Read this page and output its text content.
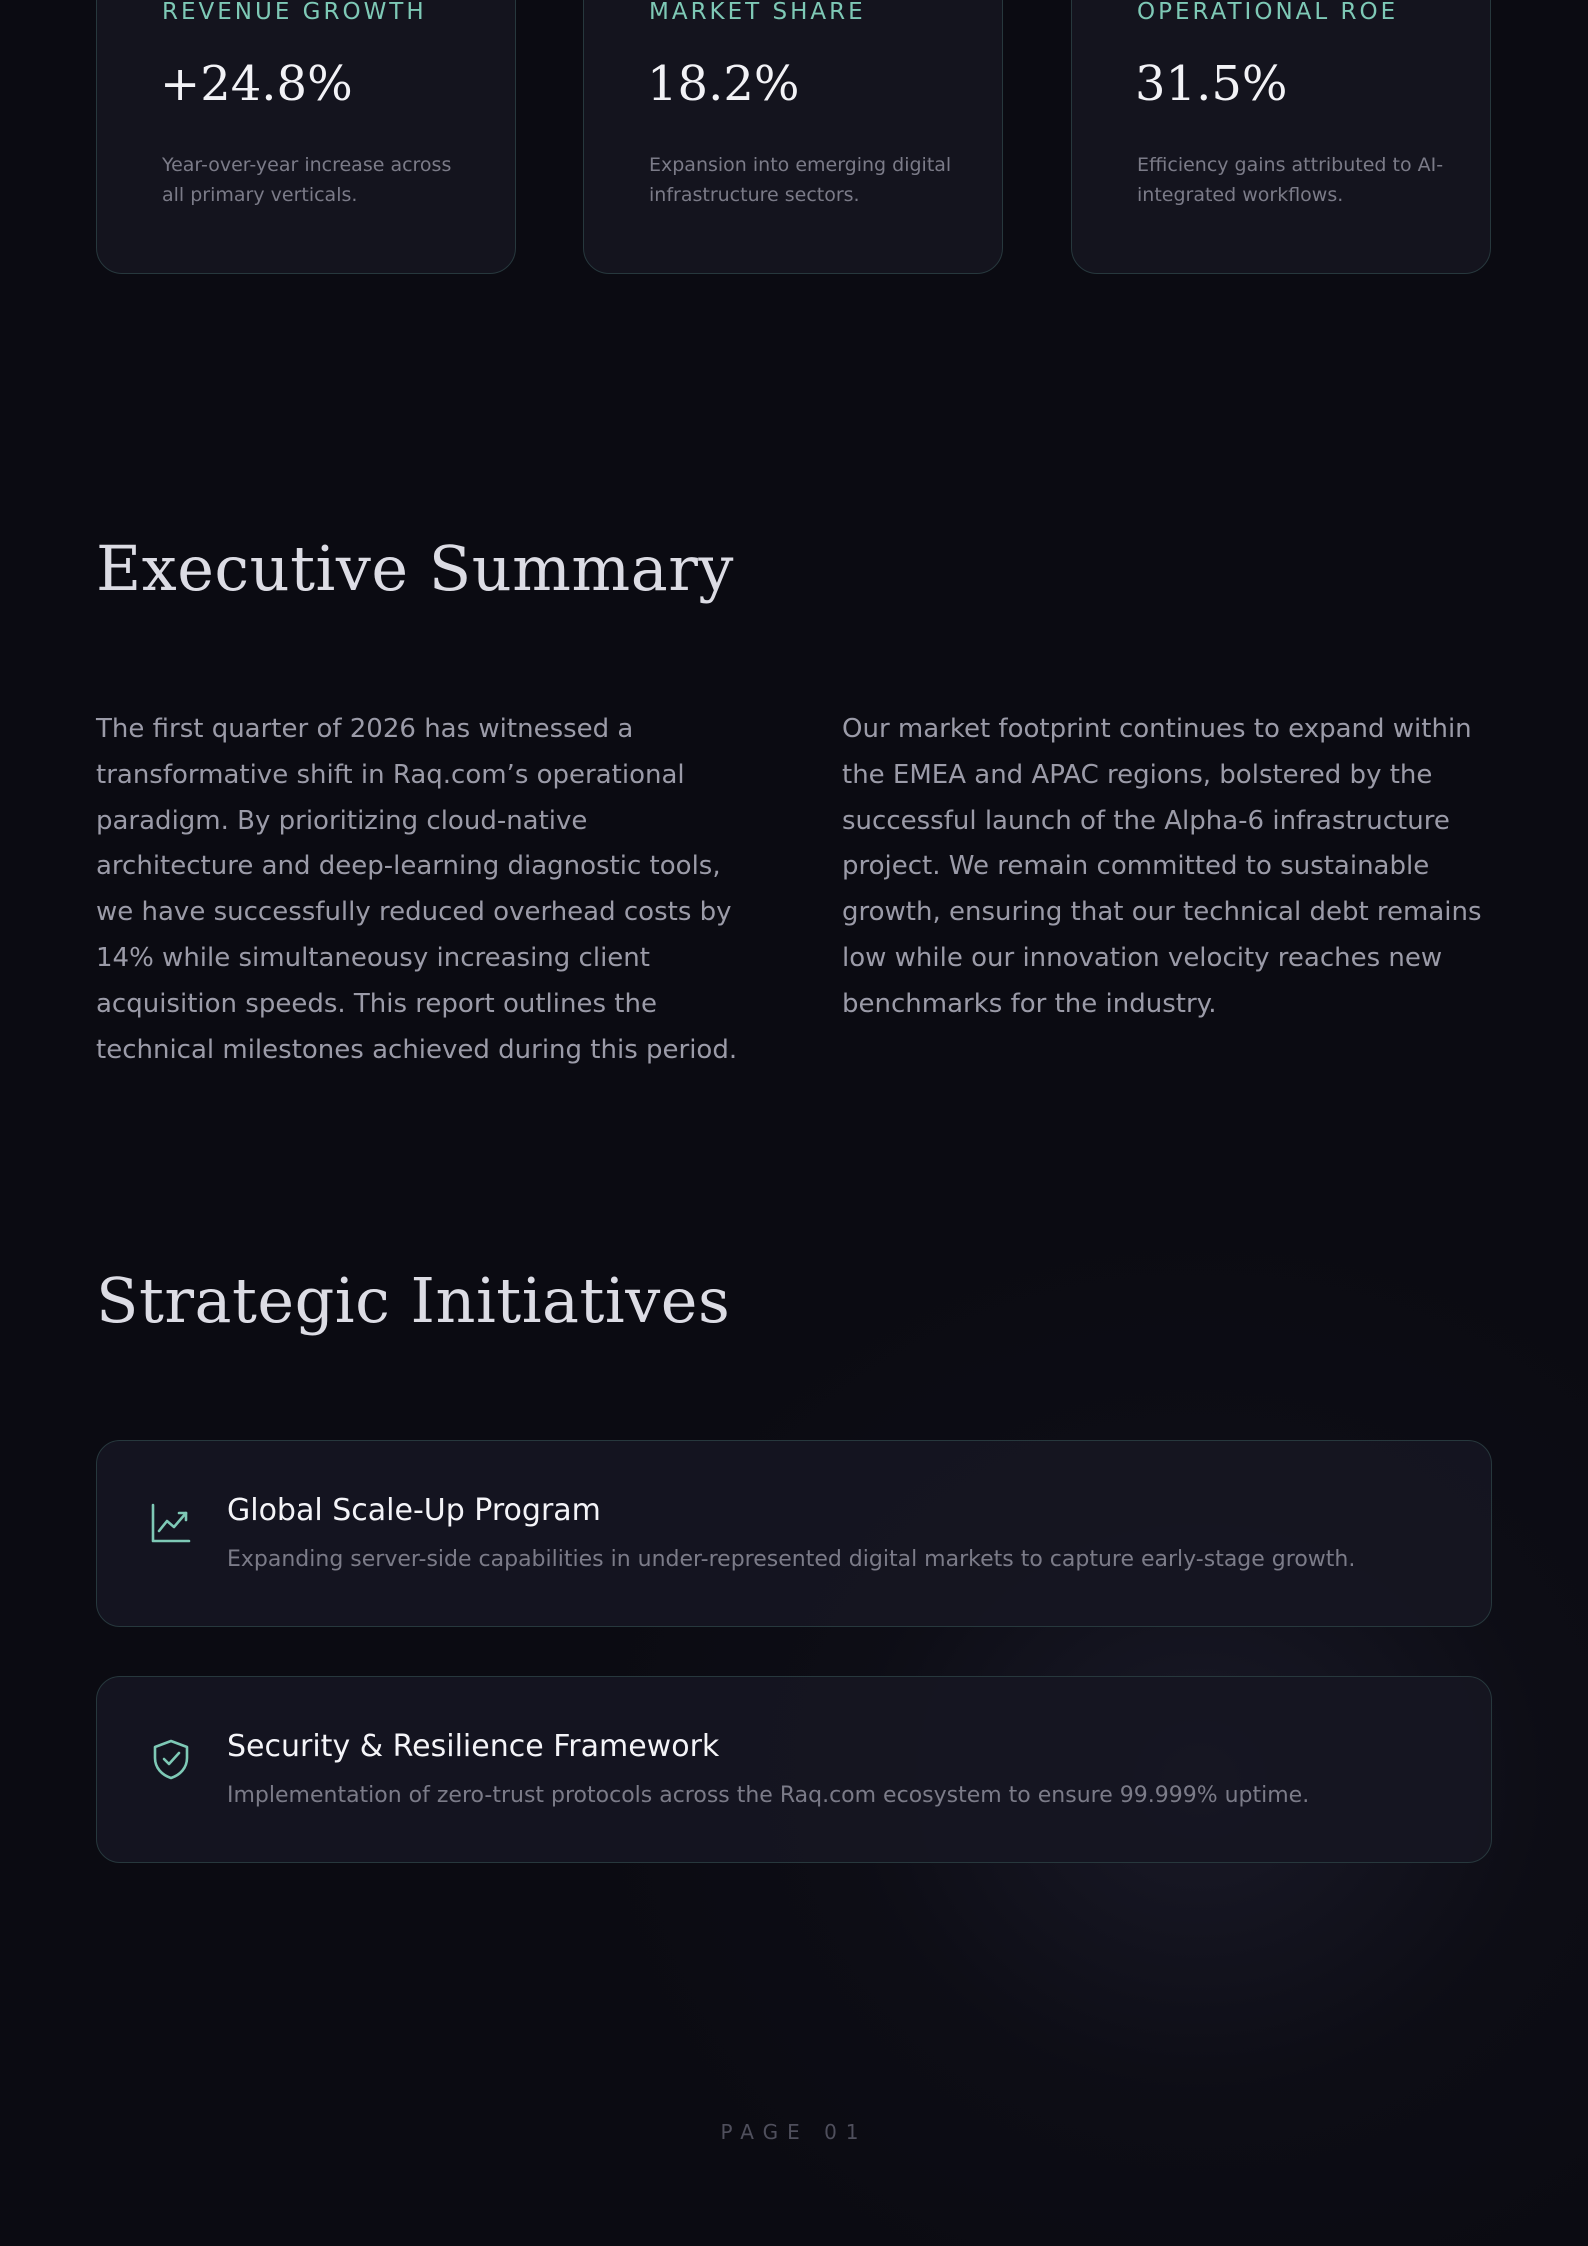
REVENUE GROWTH
+24.8%
Year-over-year increase across all primary verticals.
MARKET SHARE
18.2%
Expansion into emerging digital infrastructure sectors.
OPERATIONAL ROE
31.5%
Efficiency gains attributed to AI-integrated workflows.
Executive Summary

The first quarter of 2026 has witnessed a transformative shift in Raq.com’s operational paradigm. By prioritizing cloud-native architecture and deep-learning diagnostic tools, we have successfully reduced overhead costs by 14% while simultaneousy increasing client acquisition speeds. This report outlines the technical milestones achieved during this period.

Our market footprint continues to expand within the EMEA and APAC regions, bolstered by the successful launch of the Alpha-6 infrastructure project. We remain committed to sustainable growth, ensuring that our technical debt remains low while our innovation velocity reaches new benchmarks for the industry.

Strategic Initiatives
Global Scale-Up Program
Expanding server-side capabilities in under-represented digital markets to capture early-stage growth.
Security & Resilience Framework
Implementation of zero-trust protocols across the Raq.com ecosystem to ensure 99.999% uptime.
PAGE 01
